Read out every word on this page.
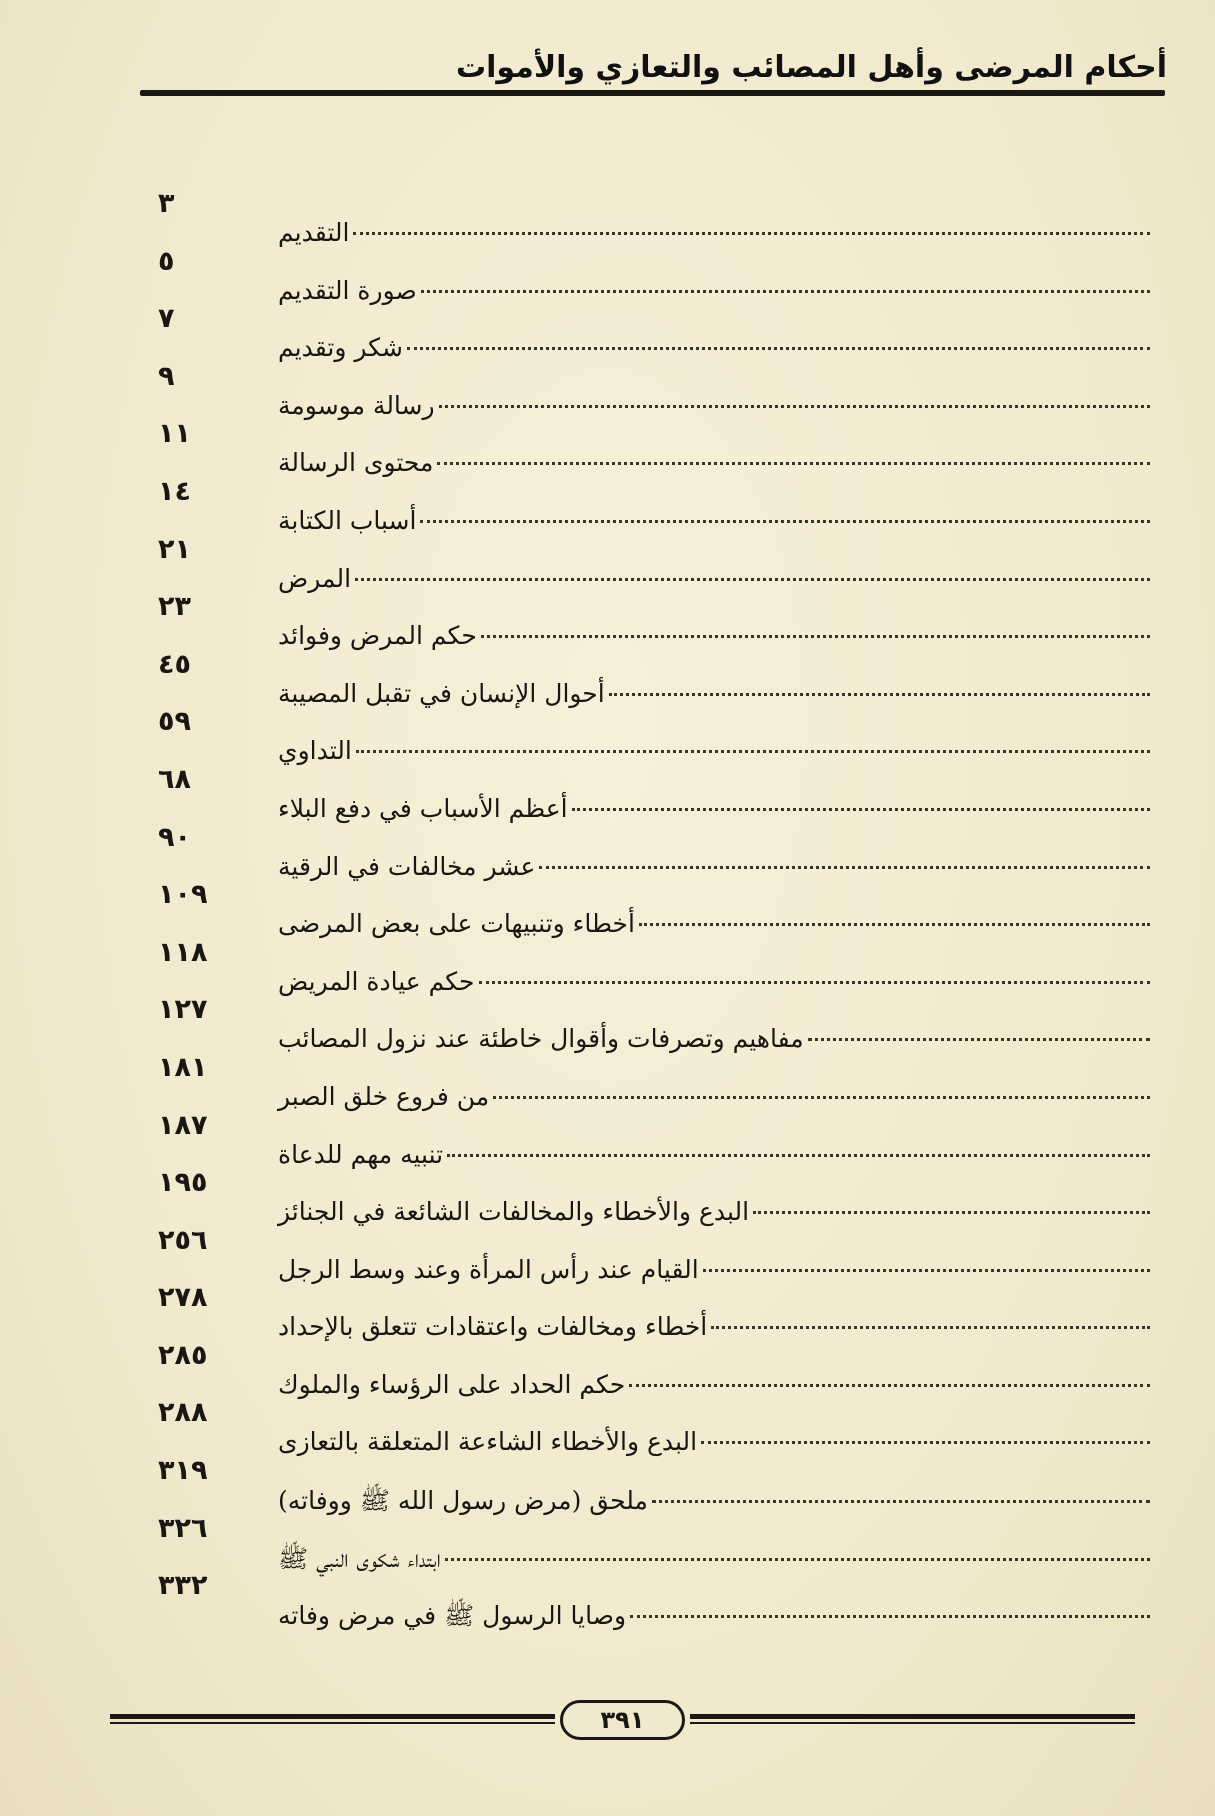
أحكام المرضى وأهل المصائب والتعازي والأموات
٣
التقديم
٥
صورة التقديم
٧
شكر وتقديم
٩
رسالة موسومة
١١
محتوى الرسالة
١٤
أسباب الكتابة
٢١
المرض
٢٣
حكم المرض وفوائد
٤٥
أحوال الإنسان في تقبل المصيبة
٥٩
التداوي
٦٨
أعظم الأسباب في دفع البلاء
٩٠
عشر مخالفات في الرقية
١٠٩
أخطاء وتنبيهات على بعض المرضى
١١٨
حكم عيادة المريض
١٢٧
مفاهيم وتصرفات وأقوال خاطئة عند نزول المصائب
١٨١
من فروع خلق الصبر
١٨٧
تنبيه مهم للدعاة
١٩٥
البدع والأخطاء والمخالفات الشائعة في الجنائز
٢٥٦
القيام عند رأس المرأة وعند وسط الرجل
٢٧٨
أخطاء ومخالفات واعتقادات تتعلق بالإحداد
٢٨٥
حكم الحداد على الرؤساء والملوك
٢٨٨
البدع والأخطاء الشاءعة المتعلقة بالتعازى
٣١٩
ملحق (مرض رسول الله ﷺ ووفاته)
٣٢٦
ابتداء شكوى النبي ﷺ
٣٣٢
وصايا الرسول ﷺ في مرض وفاته
٣٩١
